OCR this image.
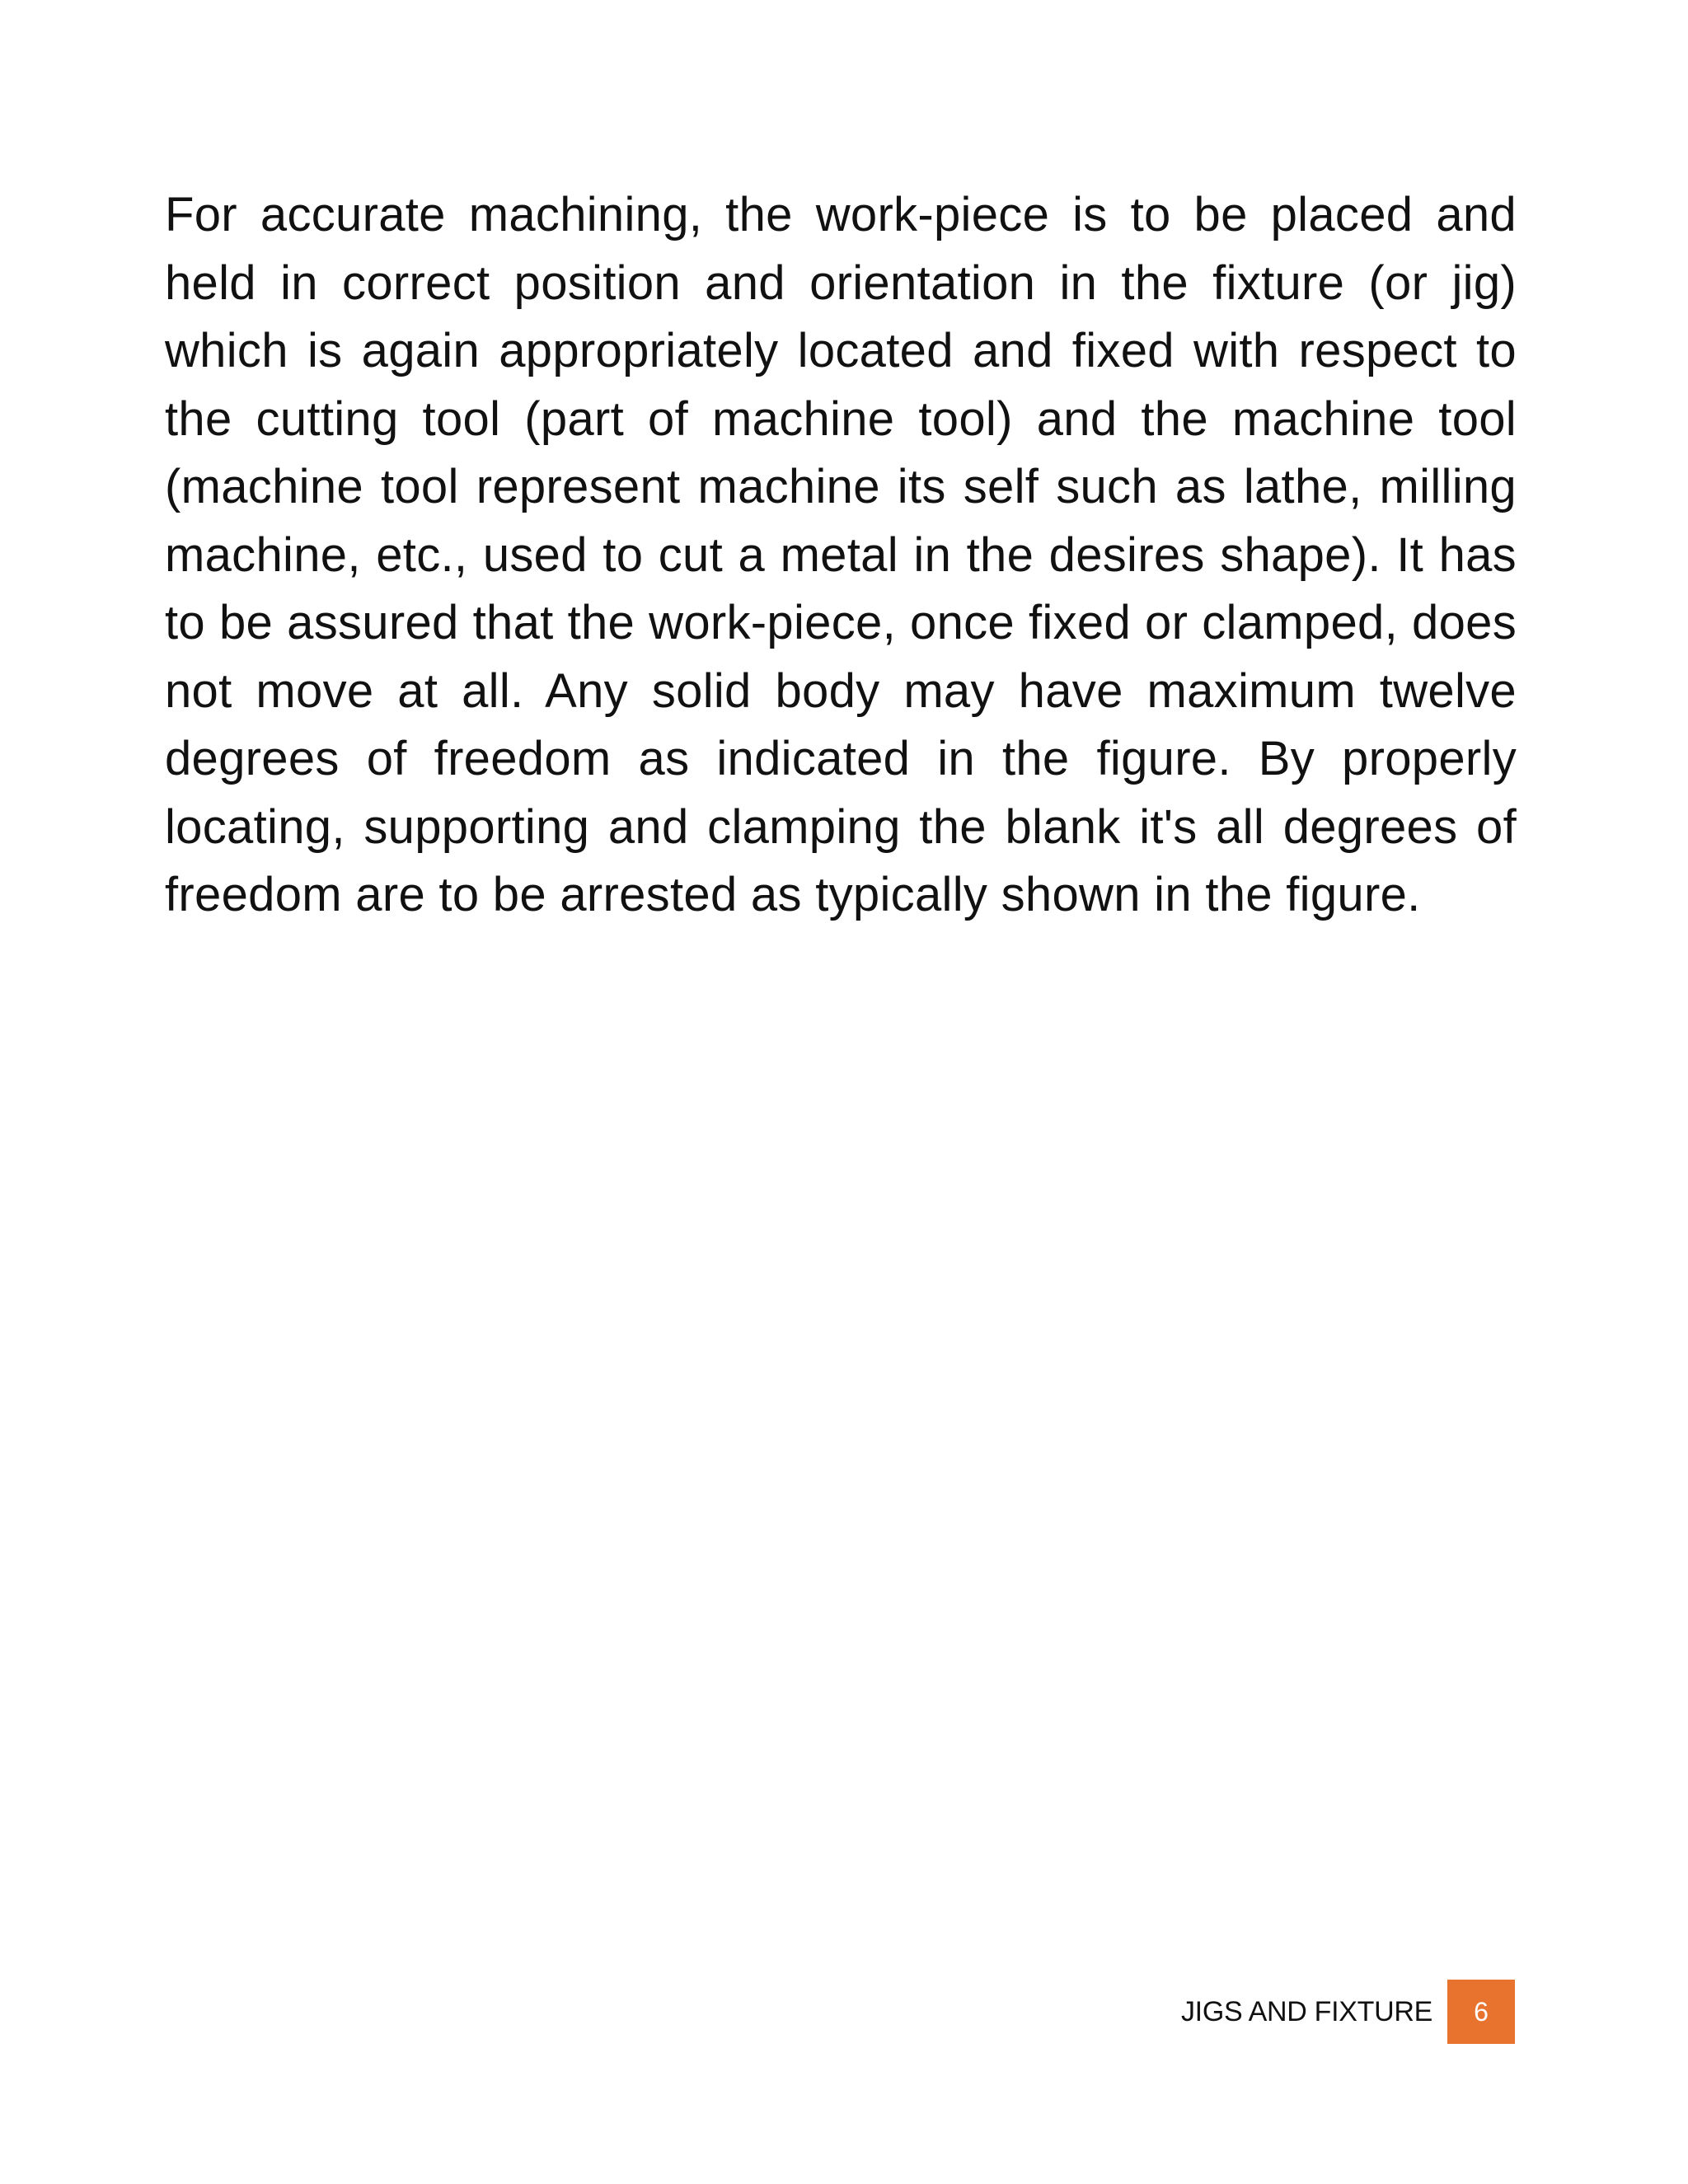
For accurate machining, the work-piece is to be placed and held in correct position and orientation in the fixture (or jig) which is again appropriately located and fixed with respect to the cutting tool (part of machine tool) and the machine tool (machine tool represent machine its self such as lathe, milling machine, etc., used to cut a metal in the desires shape). It has to be assured that the work-piece, once fixed or clamped, does not move at all. Any solid body may have maximum twelve degrees of freedom as indicated in the figure. By properly locating, supporting and clamping the blank it's all degrees of freedom are to be arrested as typically shown in the figure.

JIGS AND FIXTURE	6
